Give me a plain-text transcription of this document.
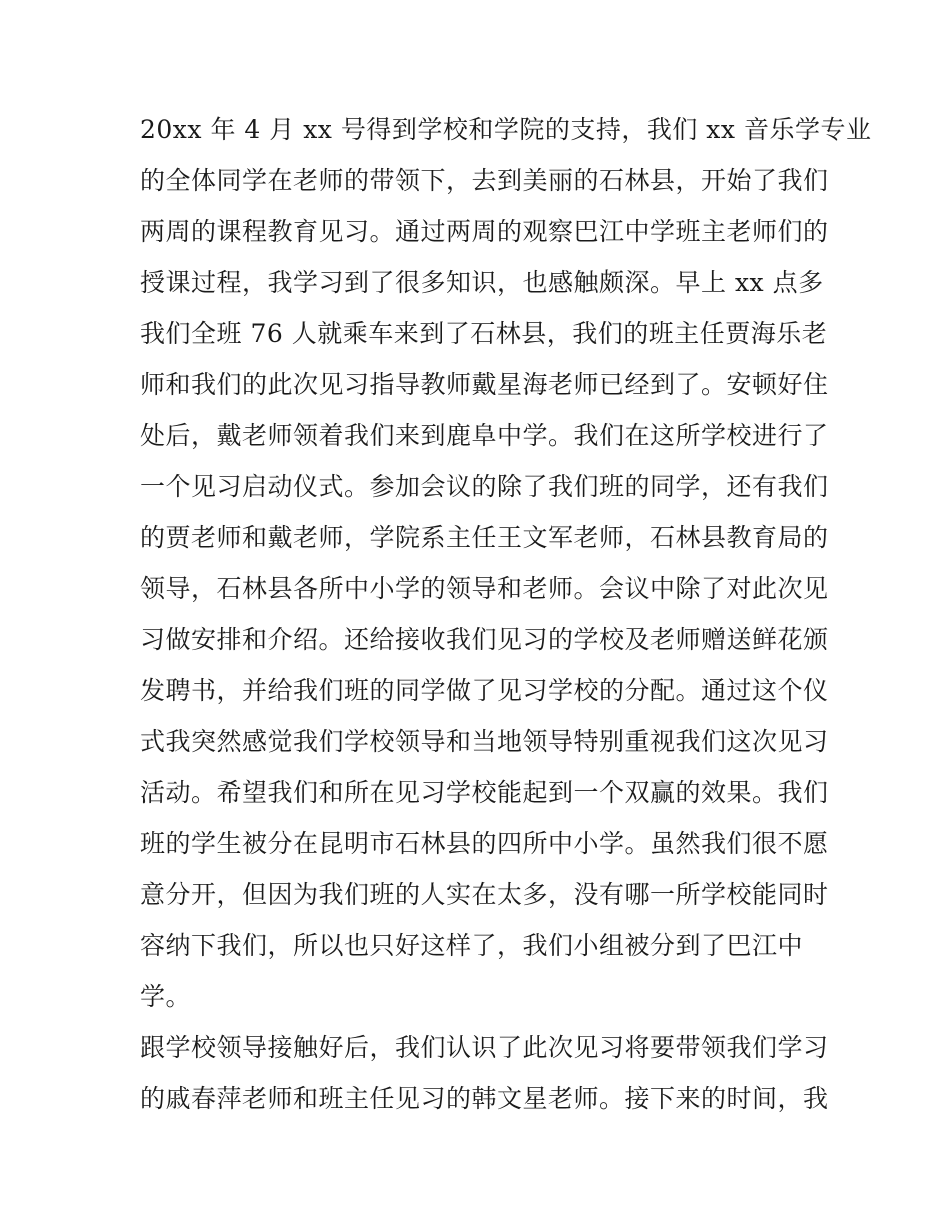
20xx 年 4 月 xx 号得到学校和学院的支持，我们 xx 音乐学专业
的全体同学在老师的带领下，去到美丽的石林县，开始了我们
两周的课程教育见习。通过两周的观察巴江中学班主老师们的
授课过程，我学习到了很多知识，也感触颇深。早上 xx 点多
我们全班 76 人就乘车来到了石林县，我们的班主任贾海乐老
师和我们的此次见习指导教师戴星海老师已经到了。安顿好住
处后，戴老师领着我们来到鹿阜中学。我们在这所学校进行了
一个见习启动仪式。参加会议的除了我们班的同学，还有我们
的贾老师和戴老师，学院系主任王文军老师，石林县教育局的
领导，石林县各所中小学的领导和老师。会议中除了对此次见
习做安排和介绍。还给接收我们见习的学校及老师赠送鲜花颁
发聘书，并给我们班的同学做了见习学校的分配。通过这个仪
式我突然感觉我们学校领导和当地领导特别重视我们这次见习
活动。希望我们和所在见习学校能起到一个双赢的效果。我们
班的学生被分在昆明市石林县的四所中小学。虽然我们很不愿
意分开，但因为我们班的人实在太多，没有哪一所学校能同时
容纳下我们，所以也只好这样了，我们小组被分到了巴江中
学。
跟学校领导接触好后，我们认识了此次见习将要带领我们学习
的戚春萍老师和班主任见习的韩文星老师。接下来的时间，我
